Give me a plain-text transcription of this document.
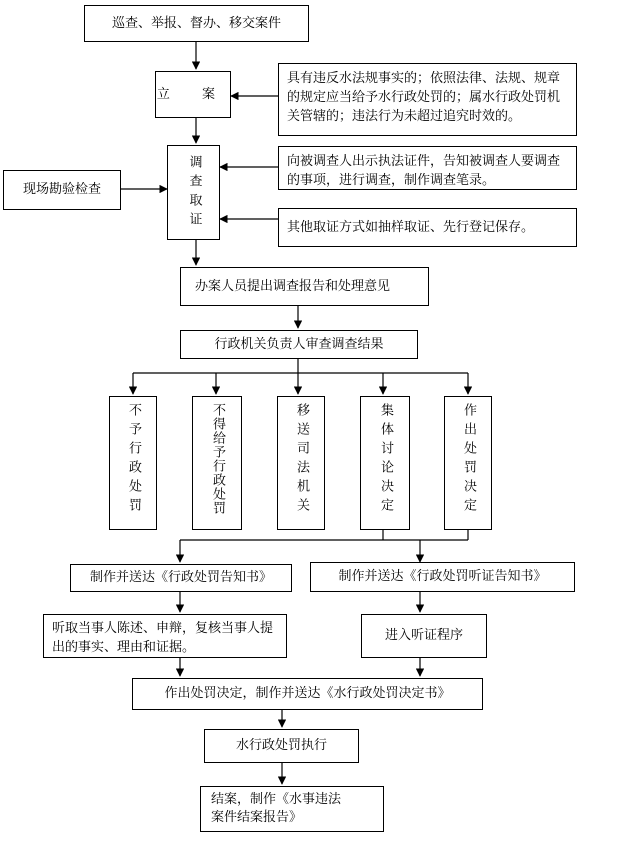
巡查、举报、督办、移交案件
立 案
具有违反水法规事实的；依照法律、法规、规章的规定应当给予水行政处罚的；属水行政处罚机关管辖的；违法行为未超过追究时效的。
现场勘验检查	调查取证	向被调查人出示执法证件，告知被调查人要调查的事项，进行调查，制作调查笔录。
其他取证方式如抽样取证、先行登记保存。
办案人员提出调查报告和处理意见
行政机关负责人审查调查结果
不予行政处罚	不得给予行政处罚	移送司法机关	集体讨论决定	作出处罚决定
制作并送达《行政处罚告知书》	制作并送达《行政处罚听证告知书》
听取当事人陈述、申辩，复核当事人提出的事实、理由和证据。
进入听证程序
作出处罚决定，制作并送达《水行政处罚决定书》
水行政处罚执行
结案，制作《水事违法案件结案报告》
